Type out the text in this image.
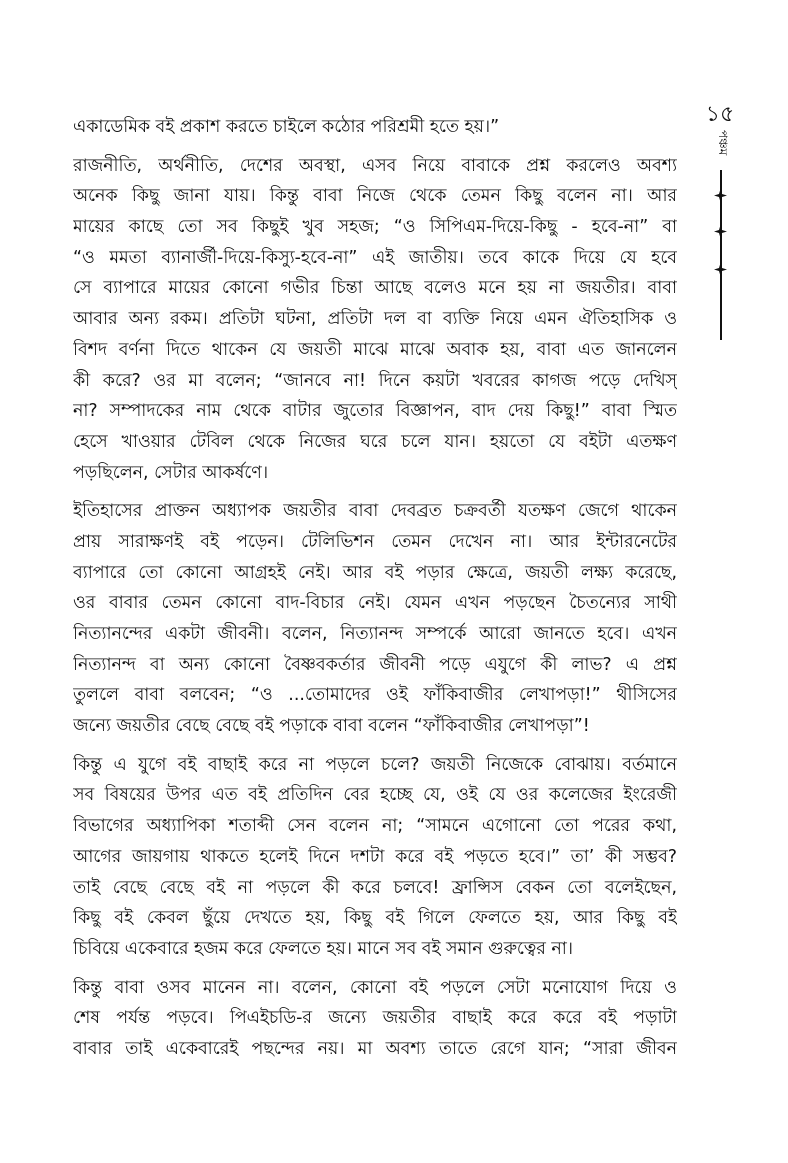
১৫
পঞ্চম
একাডেমিক বই প্রকাশ করতে চাইলে কঠোর পরিশ্রমী হতে হয়।”
রাজনীতি, অর্থনীতি, দেশের অবস্থা, এসব নিয়ে বাবাকে প্রশ্ন করলেও অবশ্য
অনেক কিছু জানা যায়। কিন্তু বাবা নিজে থেকে তেমন কিছু বলেন না। আর
মায়ের কাছে তো সব কিছুই খুব সহজ; “ও সিপিএম-দিয়ে-কিছু - হবে-না” বা
“ও মমতা ব্যানার্জী-দিয়ে-কিস্যু-হবে-না” এই জাতীয়। তবে কাকে দিয়ে যে হবে
সে ব্যাপারে মায়ের কোনো গভীর চিন্তা আছে বলেও মনে হয় না জয়তীর। বাবা
আবার অন্য রকম। প্রতিটা ঘটনা, প্রতিটা দল বা ব্যক্তি নিয়ে এমন ঐতিহাসিক ও
বিশদ বর্ণনা দিতে থাকেন যে জয়তী মাঝে মাঝে অবাক হয়, বাবা এত জানলেন
কী করে? ওর মা বলেন; “জানবে না! দিনে কয়টা খবরের কাগজ পড়ে দেখিস্
না? সম্পাদকের নাম থেকে বাটার জুতোর বিজ্ঞাপন, বাদ দেয় কিছু!” বাবা স্মিত
হেসে খাওয়ার টেবিল থেকে নিজের ঘরে চলে যান। হয়তো যে বইটা এতক্ষণ
পড়ছিলেন, সেটার আকর্ষণে।
ইতিহাসের প্রাক্তন অধ্যাপক জয়তীর বাবা দেবব্রত চক্রবর্তী যতক্ষণ জেগে থাকেন
প্রায় সারাক্ষণই বই পড়েন। টেলিভিশন তেমন দেখেন না। আর ইন্টারনেটের
ব্যাপারে তো কোনো আগ্রহই নেই। আর বই পড়ার ক্ষেত্রে, জয়তী লক্ষ্য করেছে,
ওর বাবার তেমন কোনো বাদ-বিচার নেই। যেমন এখন পড়ছেন চৈতন্যের সাথী
নিত্যানন্দের একটা জীবনী। বলেন, নিত্যানন্দ সম্পর্কে আরো জানতে হবে। এখন
নিত্যানন্দ বা অন্য কোনো বৈষ্ণবকর্তার জীবনী পড়ে এযুগে কী লাভ? এ প্রশ্ন
তুললে বাবা বলবেন; “ও ...তোমাদের ওই ফাঁকিবাজীর লেখাপড়া!” থীসিসের
জন্যে জয়তীর বেছে বেছে বই পড়াকে বাবা বলেন “ফাঁকিবাজীর লেখাপড়া”!
কিন্তু এ যুগে বই বাছাই করে না পড়লে চলে? জয়তী নিজেকে বোঝায়। বর্তমানে
সব বিষয়ের উপর এত বই প্রতিদিন বের হচ্ছে যে, ওই যে ওর কলেজের ইংরেজী
বিভাগের অধ্যাপিকা শতাব্দী সেন বলেন না; “সামনে এগোনো তো পরের কথা,
আগের জায়গায় থাকতে হলেই দিনে দশটা করে বই পড়তে হবে।” তা’ কী সম্ভব?
তাই বেছে বেছে বই না পড়লে কী করে চলবে! ফ্রান্সিস বেকন তো বলেইছেন,
কিছু বই কেবল ছুঁয়ে দেখতে হয়, কিছু বই গিলে ফেলতে হয়, আর কিছু বই
চিবিয়ে একেবারে হজম করে ফেলতে হয়। মানে সব বই সমান গুরুত্বের না।
কিন্তু বাবা ওসব মানেন না। বলেন, কোনো বই পড়লে সেটা মনোযোগ দিয়ে ও
শেষ পর্যন্ত পড়বে। পিএইচডি-র জন্যে জয়তীর বাছাই করে করে বই পড়াটা
বাবার তাই একেবারেই পছন্দের নয়। মা অবশ্য তাতে রেগে যান; “সারা জীবন
